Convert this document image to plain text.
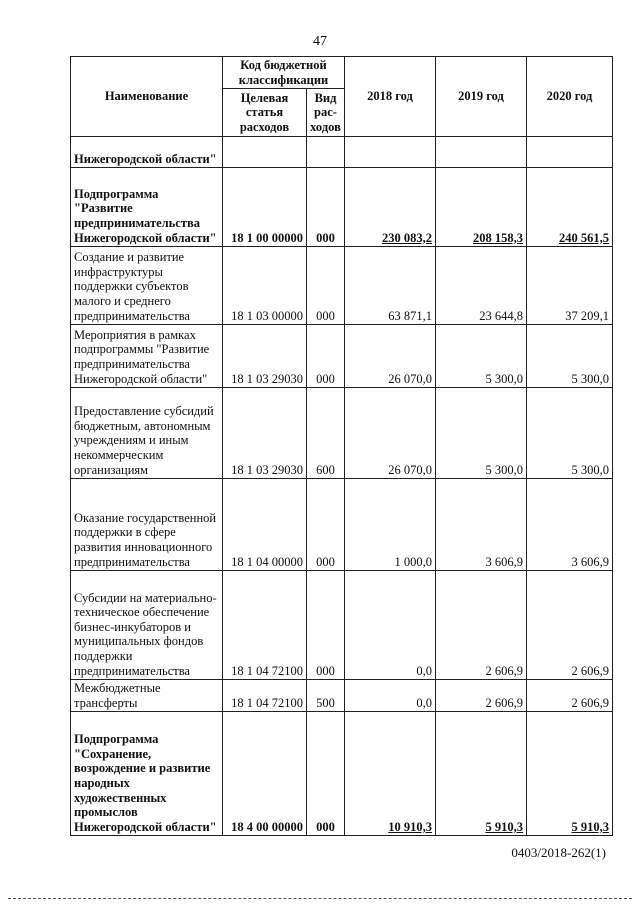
47
Наименование	Код бюджетной классификации		2018 год	2019 год	2020 год
	Целевая статья расходов	Вид рас-ходов			
Нижегородской области"					
Подпрограмма "Развитие предпринимательства Нижегородской области"	18 1 00 00000	000	230 083,2	208 158,3	240 561,5
Создание и развитие инфраструктуры поддержки субъектов малого и среднего предпринимательства	18 1 03 00000	000	63 871,1	23 644,8	37 209,1
Мероприятия в рамках подпрограммы "Развитие предпринимательства Нижегородской области"	18 1 03 29030	000	26 070,0	5 300,0	5 300,0
Предоставление субсидий бюджетным, автономным учреждениям и иным некоммерческим организациям	18 1 03 29030	600	26 070,0	5 300,0	5 300,0
Оказание государственной поддержки в сфере развития инновационного предпринимательства	18 1 04 00000	000	1 000,0	3 606,9	3 606,9
Субсидии на материально-техническое обеспечение бизнес-инкубаторов и муниципальных фондов поддержки предпринимательства	18 1 04 72100	000	0,0	2 606,9	2 606,9
Межбюджетные трансферты	18 1 04 72100	500	0,0	2 606,9	2 606,9
Подпрограмма "Сохранение, возрождение и развитие народных художественных промыслов Нижегородской области"	18 4 00 00000	000	10 910,3	5 910,3	5 910,3
0403/2018-262(1)
